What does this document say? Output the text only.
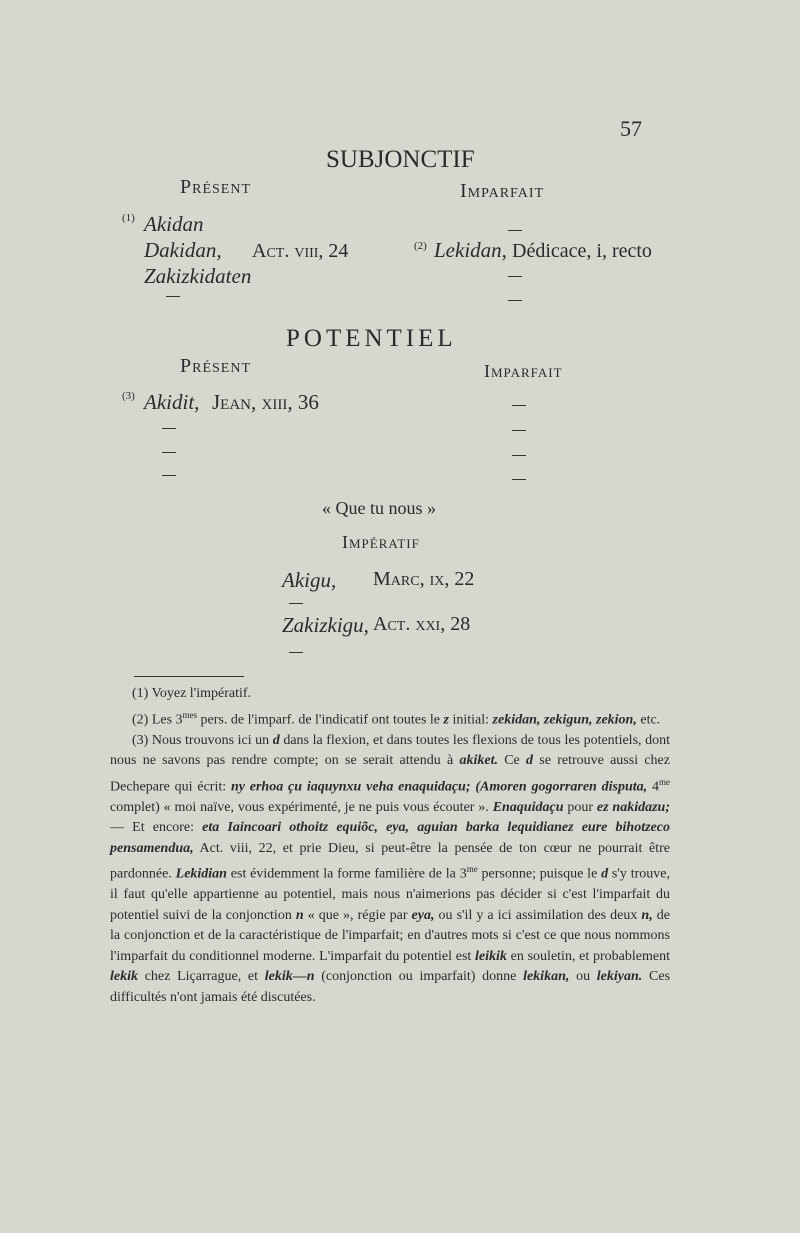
57
SUBJONCTIF
Présent	Imparfait
(1) Akidan
Dakidan, Act. viii, 24	(2) Lekidan, Dédicace, i, recto
Zakizkidaten
POTENTIEL
Présent	Imparfait
(3) Akidit, Jean, xiii, 36
« Que tu nous »
Impératif
Akigu, Marc, ix, 22
Zakizkigu, Act. xxi, 28

(1) Voyez l'impératif.

(2) Les $3^{mes}$ pers. de l'imparf. de l'indicatif ont toutes le z initial: zekidan, zekigun, zekion, etc.

(3) Nous trouvons ici un d dans la flexion, et dans toutes les flexions de tous les potentiels, dont nous ne savons pas rendre compte; on se serait attendu à akiket. Ce d se retrouve aussi chez Dechepare qui écrit: ny erhoa çu iaquynxu veha enaquidaçu; (Amoren gogorraren disputa, $4^{me}$ complet) « moi naïve, vous expérimenté, je ne puis vous écouter ». Enaquidaçu pour ez nakidazu; — Et encore: eta Iaincoari othoitz equiõc, eya, aguian barka lequidianez eure bihotzeco pensamendua, Act. viii, 22, et prie Dieu, si peut-être la pensée de ton cœur ne pourrait être pardonnée. Lekidian est évidemment la forme familière de la $3^{me}$ personne; puisque le d s'y trouve, il faut qu'elle appartienne au potentiel, mais nous n'aimerions pas décider si c'est l'imparfait du potentiel suivi de la conjonction n « que », régie par eya, ou s'il y a ici assimilation des deux n, de la conjonction et de la caractéristique de l'imparfait; en d'autres mots si c'est ce que nous nommons l'imparfait du conditionnel moderne. L'imparfait du potentiel est leikik en souletin, et probablement lekik chez Liçarrague, et lekik—n (conjonction ou imparfait) donne lekikan, ou lekiyan. Ces difficultés n'ont jamais été discutées.
